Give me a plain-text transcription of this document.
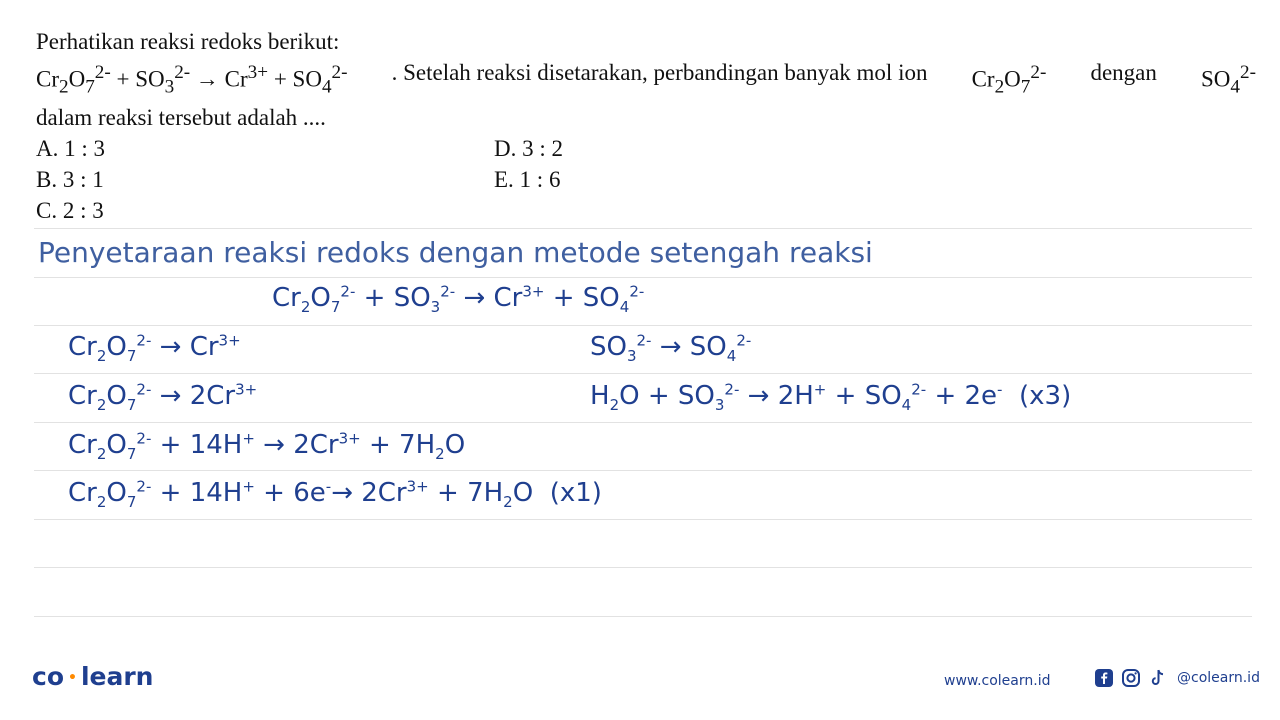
Perhatikan reaksi redoks berikut:
$Cr_2O_7^{2-} + SO_3^{2-} \to Cr^{3+} + SO_4^{2-}$ . Setelah reaksi disetarakan, perbandingan banyak mol ion $Cr_2O_7^{2-}$ dengan $SO_4^{2-}$
dalam reaksi tersebut adalah ....
A. 1 : 3	D. 3 : 2
B. 3 : 1	E. 1 : 6
C. 2 : 3
Penyetaraan reaksi redoks dengan metode setengah reaksi
$Cr_2O_7^{2-} + SO_3^{2-} \to Cr^{3+} + SO_4^{2-}$
$Cr_2O_7^{2-} \to Cr^{3+}$	$SO_3^{2-} \to SO_4^{2-}$
$Cr_2O_7^{2-} \to 2Cr^{3+}$	$H_2O + SO_3^{2-} \to 2H^+ + SO_4^{2-} + 2e^-$ (x3)
$Cr_2O_7^{2-} + 14H^+ \to 2Cr^{3+} + 7H_2O$
$Cr_2O_7^{2-} + 14H^+ + 6e^-\to 2Cr^{3+} + 7H_2O$  (x1)
co • learn	www.colearn.id	@colearn.id
